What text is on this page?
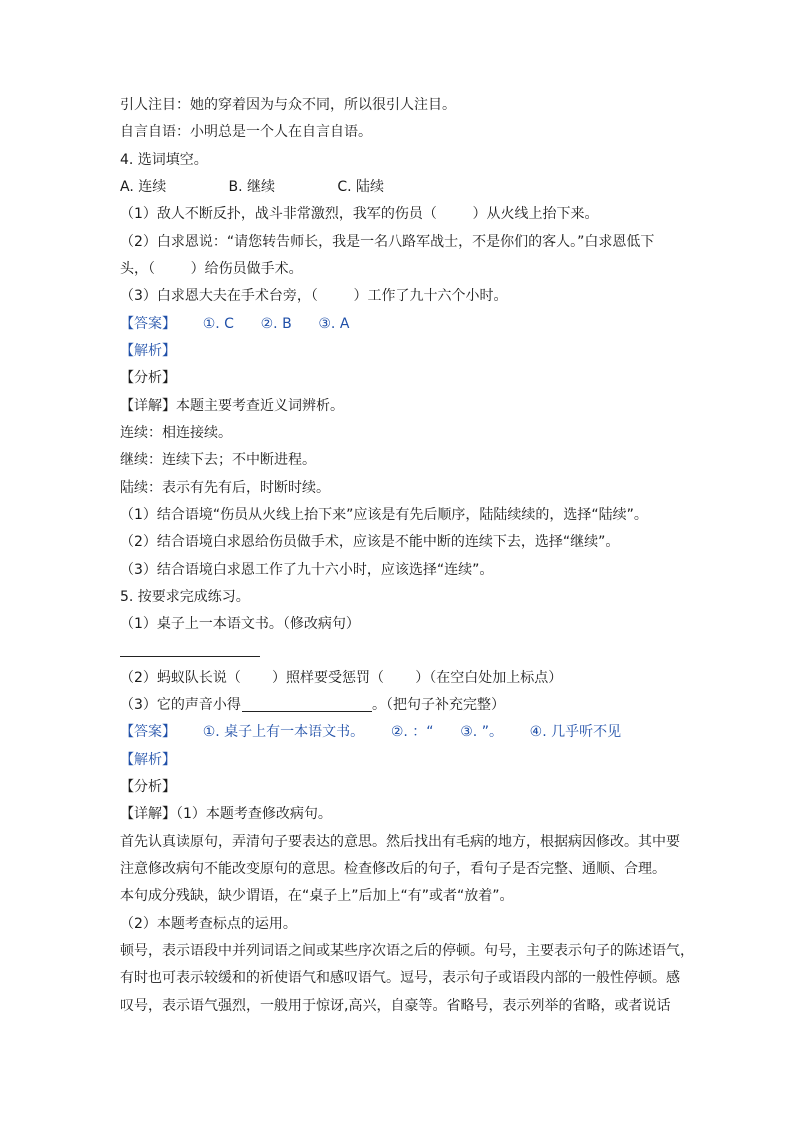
引人注目：她的穿着因为与众不同，所以很引人注目。
自言自语：小明总是一个人在自言自语。
4. 选词填空。
A. 连续              B. 继续              C. 陆续
（1）敌人不断反扑，战斗非常激烈，我军的伤员（        ）从火线上抬下来。
（2）白求恩说：“请您转告师长，我是一名八路军战士，不是你们的客人。”白求恩低下
头，（        ）给伤员做手术。
（3）白求恩大夫在手术台旁，（        ）工作了九十六个小时。
【答案】      ①. C      ②. B      ③. A
【解析】
【分析】
【详解】本题主要考查近义词辨析。
连续：相连接续。
继续：连续下去；不中断进程。
陆续：表示有先有后，时断时续。
（1）结合语境“伤员从火线上抬下来”应该是有先后顺序，陆陆续续的，选择“陆续”。
（2）结合语境白求恩给伤员做手术，应该是不能中断的连续下去，选择“继续”。
（3）结合语境白求恩工作了九十六小时，应该选择“连续”。
5. 按要求完成练习。
（1）桌子上一本语文书。（修改病句）
（2）蚂蚁队长说（       ）照样要受惩罚（       ）（在空白处加上标点）
（3）它的声音小得	。（把句子补充完整）
【答案】      ①. 桌子上有一本语文书。      ②. ：“      ③. ”。      ④. 几乎听不见
【解析】
【分析】
【详解】（1）本题考查修改病句。
首先认真读原句，弄清句子要表达的意思。然后找出有毛病的地方，根据病因修改。其中要
注意修改病句不能改变原句的意思。检查修改后的句子，看句子是否完整、通顺、合理。
本句成分残缺，缺少谓语，在“桌子上”后加上“有”或者“放着”。
（2）本题考查标点的运用。
顿号，表示语段中并列词语之间或某些序次语之后的停顿。句号，主要表示句子的陈述语气，
有时也可表示较缓和的祈使语气和感叹语气。逗号，表示句子或语段内部的一般性停顿。感
叹号，表示语气强烈，一般用于惊讶,高兴，自豪等。省略号，表示列举的省略，或者说话
